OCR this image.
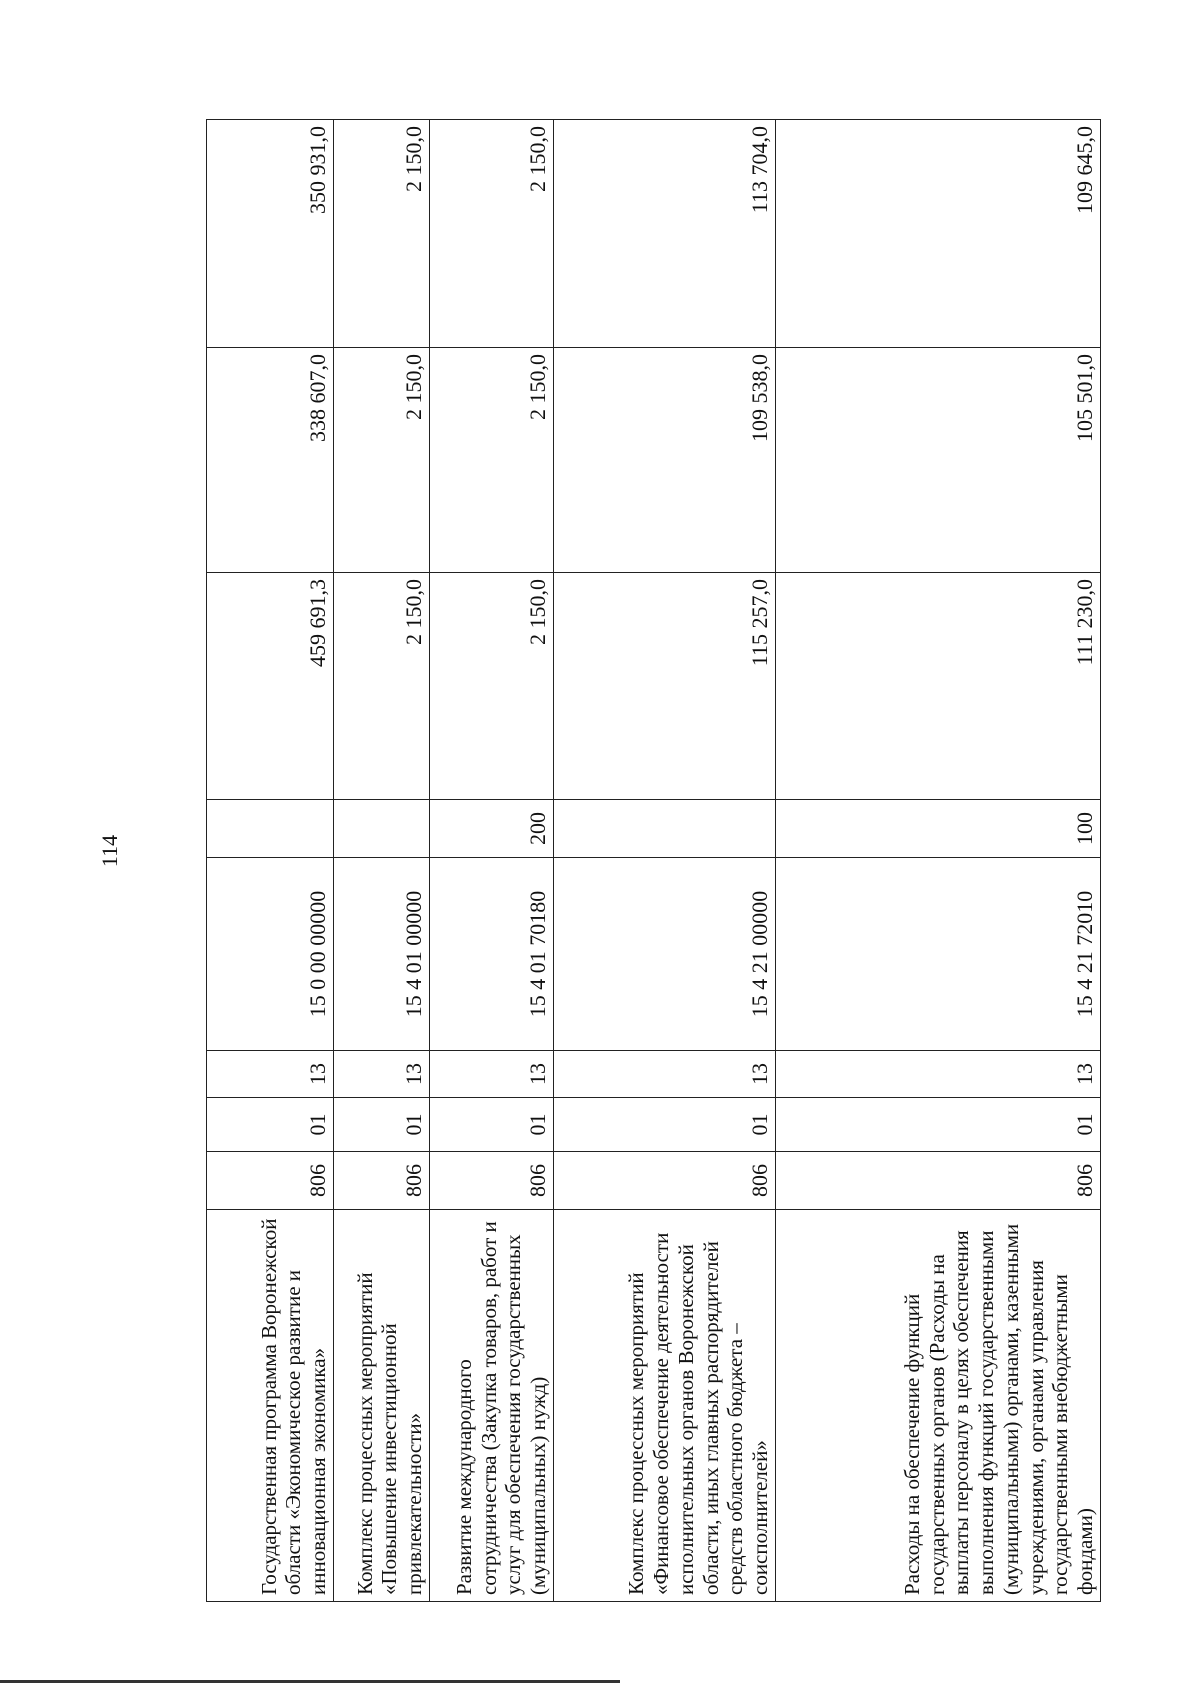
114
Государственная программа Воронежской области «Экономическое развитие и инновационная экономика»	806	01	13	15 0 00 00000		459 691,3	338 607,0	350 931,0
Комплекс процессных мероприятий «Повышение инвестиционной привлекательности»	806	01	13	15 4 01 00000		2 150,0	2 150,0	2 150,0
Развитие международного сотрудничества (Закупка товаров, работ и услуг для обеспечения государственных (муниципальных) нужд)	806	01	13	15 4 01 70180	200	2 150,0	2 150,0	2 150,0
Комплекс процессных мероприятий «Финансовое обеспечение деятельности исполнительных органов Воронежской области, иных главных распорядителей средств областного бюджета – соисполнителей»	806	01	13	15 4 21 00000		115 257,0	109 538,0	113 704,0
Расходы на обеспечение функций государственных органов (Расходы на выплаты персоналу в целях обеспечения выполнения функций государственными (муниципальными) органами, казенными учреждениями, органами управления государственными внебюджетными фондами)	806	01	13	15 4 21 72010	100	111 230,0	105 501,0	109 645,0
